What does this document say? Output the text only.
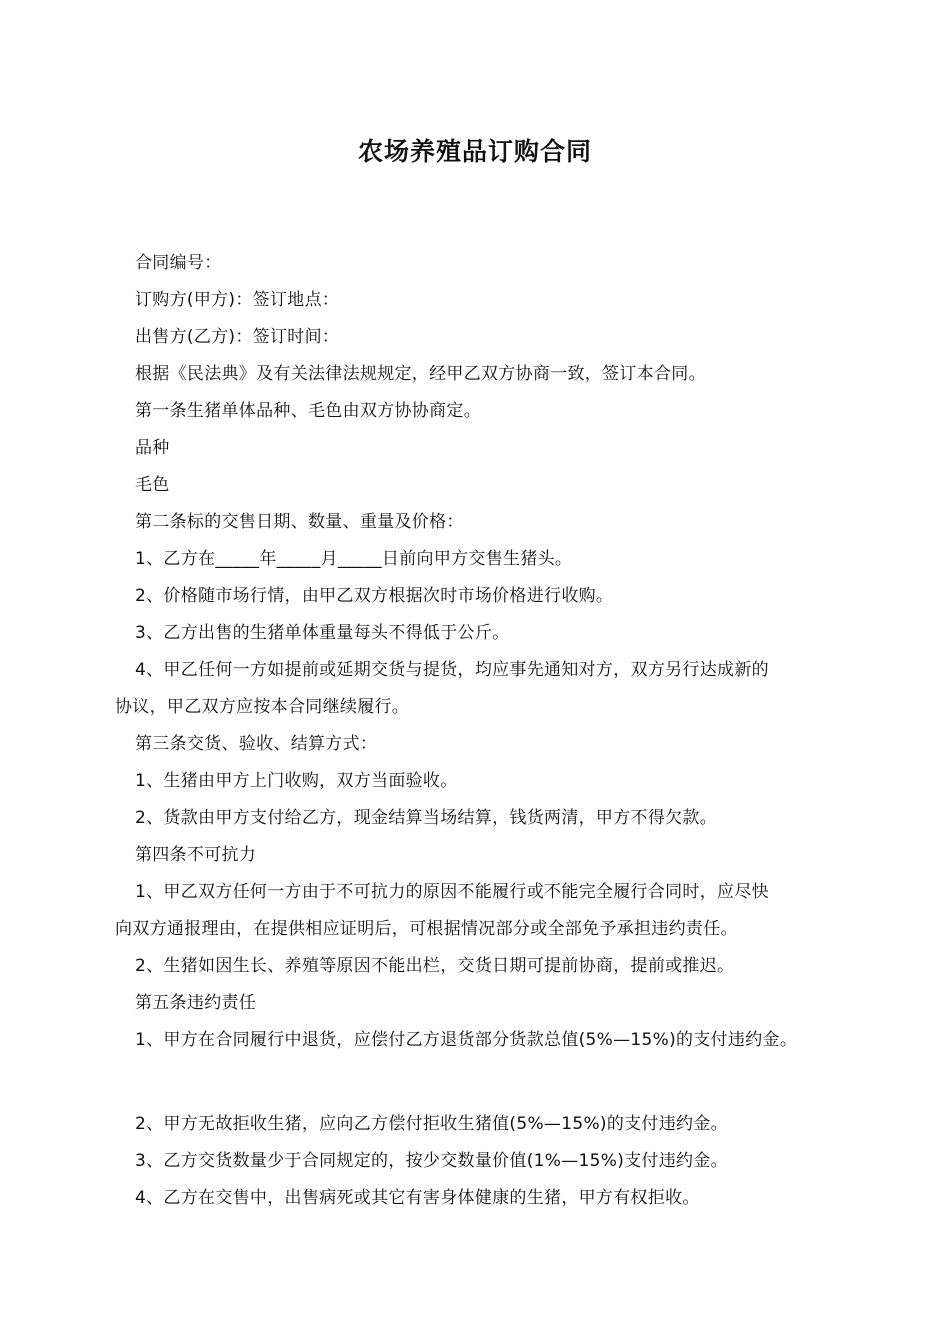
农场养殖品订购合同
合同编号：
订购方(甲方)：签订地点：
出售方(乙方)：签订时间：
根据《民法典》及有关法律法规规定，经甲乙双方协商一致，签订本合同。
第一条生猪单体品种、毛色由双方协协商定。
品种
毛色
第二条标的交售日期、数量、重量及价格：
1、乙方在_____年_____月_____日前向甲方交售生猪头。
2、价格随市场行情，由甲乙双方根据次时市场价格进行收购。
3、乙方出售的生猪单体重量每头不得低于公斤。
4、甲乙任何一方如提前或延期交货与提货，均应事先通知对方，双方另行达成新的
协议，甲乙双方应按本合同继续履行。
第三条交货、验收、结算方式：
1、生猪由甲方上门收购，双方当面验收。
2、货款由甲方支付给乙方，现金结算当场结算，钱货两清，甲方不得欠款。
第四条不可抗力
1、甲乙双方任何一方由于不可抗力的原因不能履行或不能完全履行合同时，应尽快
向双方通报理由，在提供相应证明后，可根据情况部分或全部免予承担违约责任。
2、生猪如因生长、养殖等原因不能出栏，交货日期可提前协商，提前或推迟。
第五条违约责任
1、甲方在合同履行中退货，应偿付乙方退货部分货款总值(5%—15%)的支付违约金。
2、甲方无故拒收生猪，应向乙方偿付拒收生猪值(5%—15%)的支付违约金。
3、乙方交货数量少于合同规定的，按少交数量价值(1%—15%)支付违约金。
4、乙方在交售中，出售病死或其它有害身体健康的生猪，甲方有权拒收。
